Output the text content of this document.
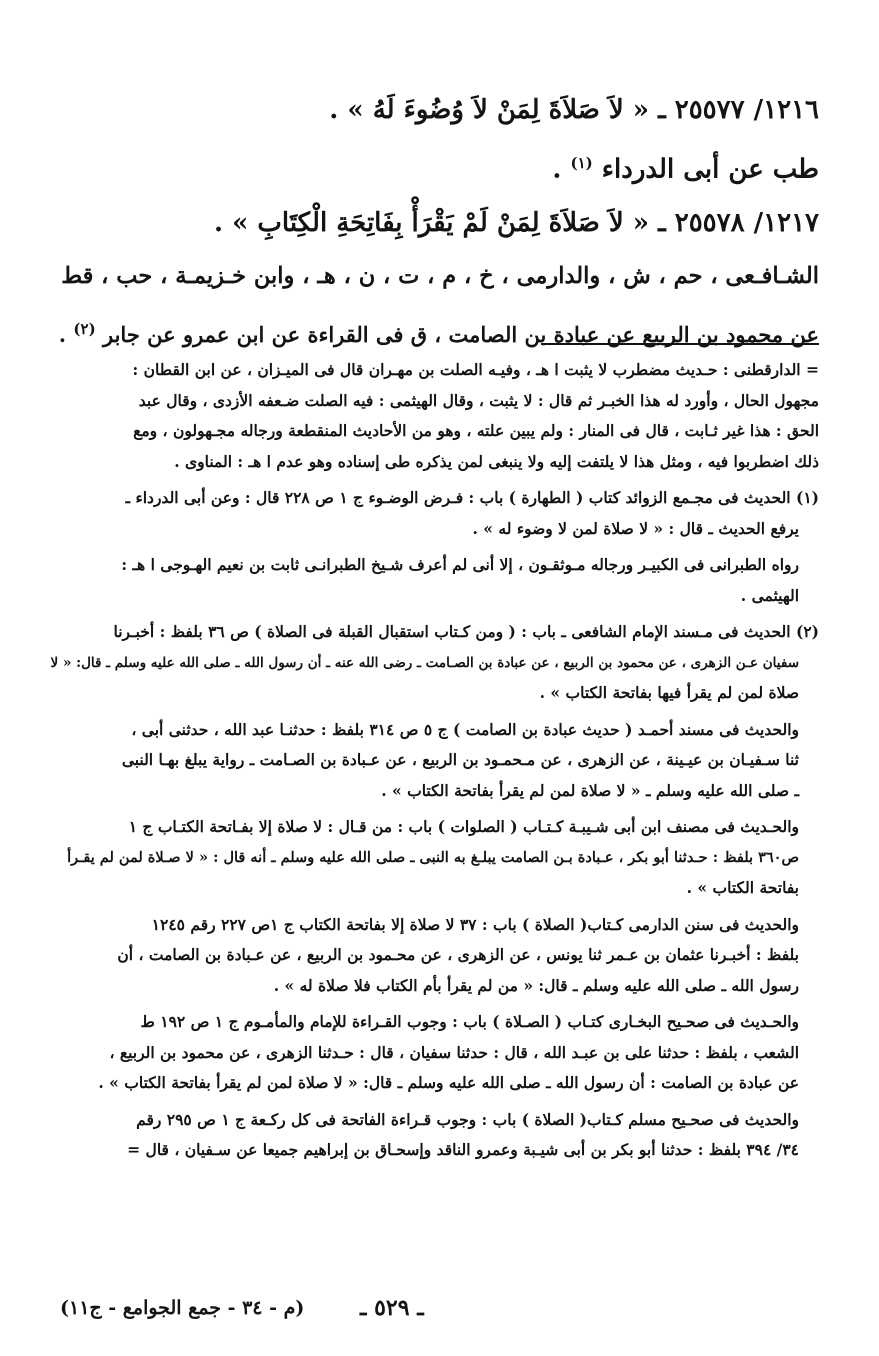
١٢١٦/ ٢٥٥٧٧ ـ « لاَ صَلاَةَ لِمَنْ لاَ وُضُوءَ لَهُ » .
طب عن أبى الدرداء $^{(١)}$ .
١٢١٧/ ٢٥٥٧٨ ـ « لاَ صَلاَةَ لِمَنْ لَمْ يَقْرَأْ بِفَاتِحَةِ الْكِتَابِ » .
الشـافـعى ، حم ، ش ، والدارمى ، خ ، م ، ت ، ن ، هـ ، وابن خـزيمـة ، حب ، قط
عن محمود بن الربيع عن عبادة بن الصامت ، ق فى القراءة عن ابن عمرو عن جابر $^{(٢)}$ .
= الدارقطنى : حـديث مضطرب لا يثبت ا هـ ، وفيـه الصلت بن مهـران قال فى الميـزان ، عن ابن القطان :
مجهول الحال ، وأورد له هذا الخبـر ثم قال : لا يثبت ، وقال الهيثمى : فيه الصلت ضـعفه الأزدى ، وقال عبد
الحق : هذا غير ثـابت ، قال فى المنار : ولم يبين علته ، وهو من الأحاديث المنقطعة ورجاله مجـهولون ، ومع
ذلك اضطربوا فيه ، ومثل هذا لا يلتفت إليه ولا ينبغى لمن يذكره طى إسناده وهو عدم ا هـ : المناوى .
(١) الحديث فى مجـمع الزوائد كتاب ( الطهارة ) باب : فـرض الوضـوء ج ١ ص ٢٢٨ قال : وعن أبى الدرداء ـ
يرفع الحديث ـ قال : « لا صلاة لمن لا وضوء له » .
رواه الطبرانى فى الكبيـر ورجاله مـوثقـون ، إلا أنى لم أعرف شـيخ الطبرانـى ثابت بن نعيم الهـوجى ا هـ :
الهيثمى .
(٢) الحديث فى مـسند الإمام الشافعى ـ باب : ( ومن كـتاب استقبال القبلة فى الصلاة ) ص ٣٦ بلفظ : أخبـرنا
سفيان عـن الزهرى ، عن محمود بن الربيع ، عن عبادة بن الصـامت ـ رضى الله عنه ـ أن رسول الله ـ صلى الله عليه وسلم ـ قال: « لا
صلاة لمن لم يقرأ فيها بفاتحة الكتاب » .
والحديث فى مسند أحمـد ( حديث عبادة بن الصامت ) ج ٥ ص ٣١٤ بلفظ : حدثنـا عبد الله ، حدثنى أبى ،
ثنا سـفيـان بن عيـينة ، عن الزهرى ، عن مـحمـود بن الربيع ، عن عـبادة بن الصـامت ـ رواية يبلغ بهـا النبى
ـ صلى الله عليه وسلم ـ « لا صلاة لمن لم يقرأ بفاتحة الكتاب » .
والحـديث فى مصنف ابن أبى شـيبـة كـتـاب ( الصلوات ) باب : من قـال : لا صلاة إلا بفـاتحة الكتـاب ج ١
ص٣٦٠ بلفظ : حـدثنا أبو بكر ، عـبادة بـن الصامت يبلـغ به النبى ـ صلى الله عليه وسلم ـ أنه قال : « لا صـلاة لمن لم يقـرأ
بفاتحة الكتاب » .
والحديث فى سنن الدارمى كـتاب( الصلاة ) باب : ٣٧ لا صلاة إلا بفاتحة الكتاب ج ١ص ٢٢٧ رقم ١٢٤٥
بلفظ : أخبـرنا عثمان بن عـمر ثنا يونس ، عن الزهرى ، عن محـمود بن الربيع ، عن عـبادة بن الصامت ، أن
رسول الله ـ صلى الله عليه وسلم ـ قال: « من لم يقرأ بأم الكتاب فلا صلاة له » .
والحـديث فى صحـيح البخـارى كتـاب ( الصـلاة ) باب : وجوب القـراءة للإمام والمأمـوم ج ١ ص ١٩٢ ط
الشعب ، بلفظ : حدثنا على بن عبـد الله ، قال : حدثنا سفيان ، قال : حـدثنا الزهرى ، عن محمود بن الربيع ،
عن عبادة بن الصامت : أن رسول الله ـ صلى الله عليه وسلم ـ قال: « لا صلاة لمن لم يقرأ بفاتحة الكتاب » .
والحديث فى صحـيح مسلم كـتاب( الصلاة ) باب : وجوب قـراءة الفاتحة فى كل ركـعة ج ١ ص ٢٩٥ رقم
٣٤/ ٣٩٤ بلفظ : حدثنا أبو بكر بن أبى شيـبة وعمرو الناقد وإسحـاق بن إبراهيم جميعا عن سـفيان ، قال =
ـ ٥٢٩ ـ
(م - ٣٤ - جمع الجوامع - ج١١)
